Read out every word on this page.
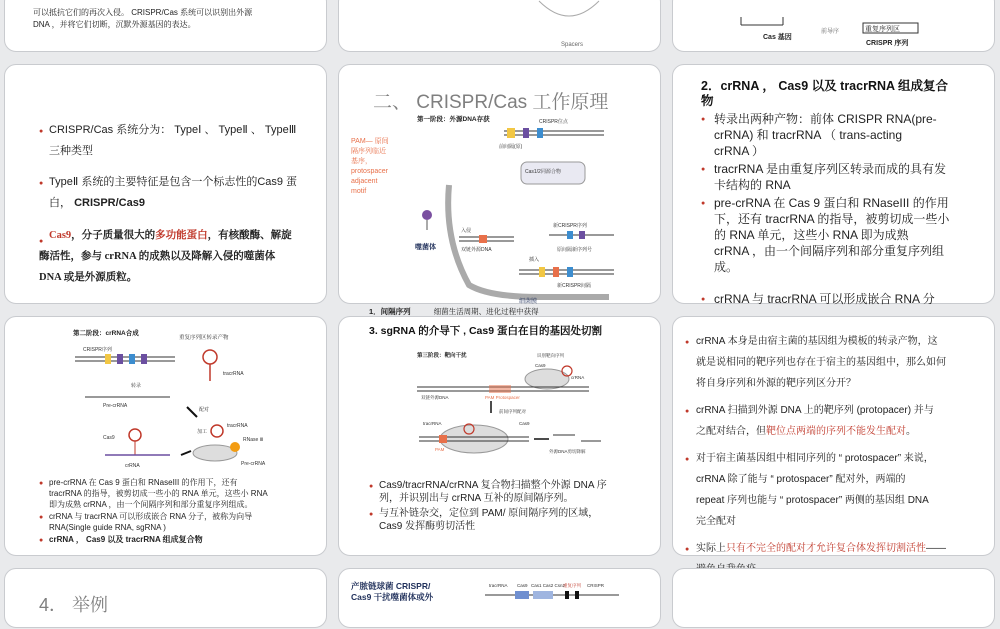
可以抵抗它们的再次入侵。 CRISPR/Cas 系统可以识别出外源
DNA ，并将它们切断，沉默外源基因的表达。
Spacers
Cas 基因
前导序	重复序列区
CRISPR 序列
● CRISPR/Cas 系统分为： TypeⅠ 、 TypeⅡ 、 TypeⅢ
三种类型
● TypeⅡ 系统的主要特征是包含一个标志性的Cas9 蛋
白， CRISPR/Cas9
● Cas9，分子质量很大的多功能蛋白，有核酸酶、解旋
酶活性，参与 crRNA 的成熟以及降解入侵的噬菌体
DNA 或是外源质粒。
二、 CRISPR/Cas 工作原理
第一阶段：外源DNA存获
PAM— 原间
隔序列临近
基序，
protospacer
adjacent
motif
噬菌体
细菌膜
CRISPR位点
前间隔(原)
Cas1/2同源合物
入侵
双链外源DNA
新CRISPR序列
插入
原间隔新序列号
新CRISPR间隔
1．间隔序列	细菌生活周期、进化过程中获得
2．crRNA ， Cas9 以及 tracrRNA 组成复合
物
● 转录出两种产物：前体 CRISPR RNA(pre-
crRNA) 和 tracrRNA （ trans-acting
crRNA ）
● tracrRNA 是由重复序列区转录而成的具有发
卡结构的 RNA
● pre-crRNA 在 Cas 9 蛋白和 RNaseIII 的作用
下，还有 tracrRNA 的指导，被剪切成一些小
的 RNA 单元，这些小 RNA 即为成熟
crRNA ，由一个间隔序列和部分重复序列组
成。
● crRNA 与 tracrRNA 可以形成嵌合 RNA 分
第二阶段：crRNA合成
重复序列区转录产物
CRISPR序列
tracrRNA
转录
Pre-crRNA
配对
Cas9
crRNA
加工
RNase Ⅲ
tracrRNA
Pre-crRNA
● pre-crRNA 在 Cas 9 蛋白和 RNaseIII 的作用下，还有
tracrRNA 的指导，被剪切成一些小的 RNA 单元，这些小 RNA
即为成熟 crRNA ，由一个间隔序列和部分重复序列组成。
● crRNA 与 tracrRNA 可以形成嵌合 RNA 分子，被称为向导
RNA(Single guide RNA, sgRNA )
● crRNA ， Cas9 以及 tracrRNA 组成复合物
3. sgRNA 的介导下 , Cas9 蛋白在目的基因处切割
第三阶段：靶向干扰	识别靶向序列
Cas9
crRNA
双链外源DNA	PAM Protospacer
前间序列配对
tracrRNA	Cas9
PAM	外源DNA剪切降解
● Cas9/tracrRNA/crRNA 复合物扫描整个外源 DNA 序
列，并识别出与 crRNA 互补的原间隔序列。
● 与互补链杂交，定位到 PAM/ 原间隔序列的区域，
Cas9 发挥酶剪切活性
● crRNA 本身是由宿主菌的基因组为模板的转录产物，这
就是说相同的靶序列也存在于宿主的基因组中，那么如何
将自身序列和外源的靶序列区分开？
● crRNA 扫描到外源 DNA 上的靶序列 (protopacer) 并与
之配对结合，但靶位点两端的序列不能发生配对。
● 对于宿主菌基因组中相同序列的 “ protospacer” 来说，
crRNA 除了能与 “ protospacer” 配对外，两端的
repeat 序列也能与 “ protospacer” 两侧的基因组 DNA
完全配对
● 实际上只有不完全的配对才允许复合体发挥切割活性——

4． 举例
产脓链球菌 CRISPR/
Cas9 干扰噬菌体或外
tracrRNA Cas9 Cas1 Cas2 Csn2
重复序列 CRISPR
